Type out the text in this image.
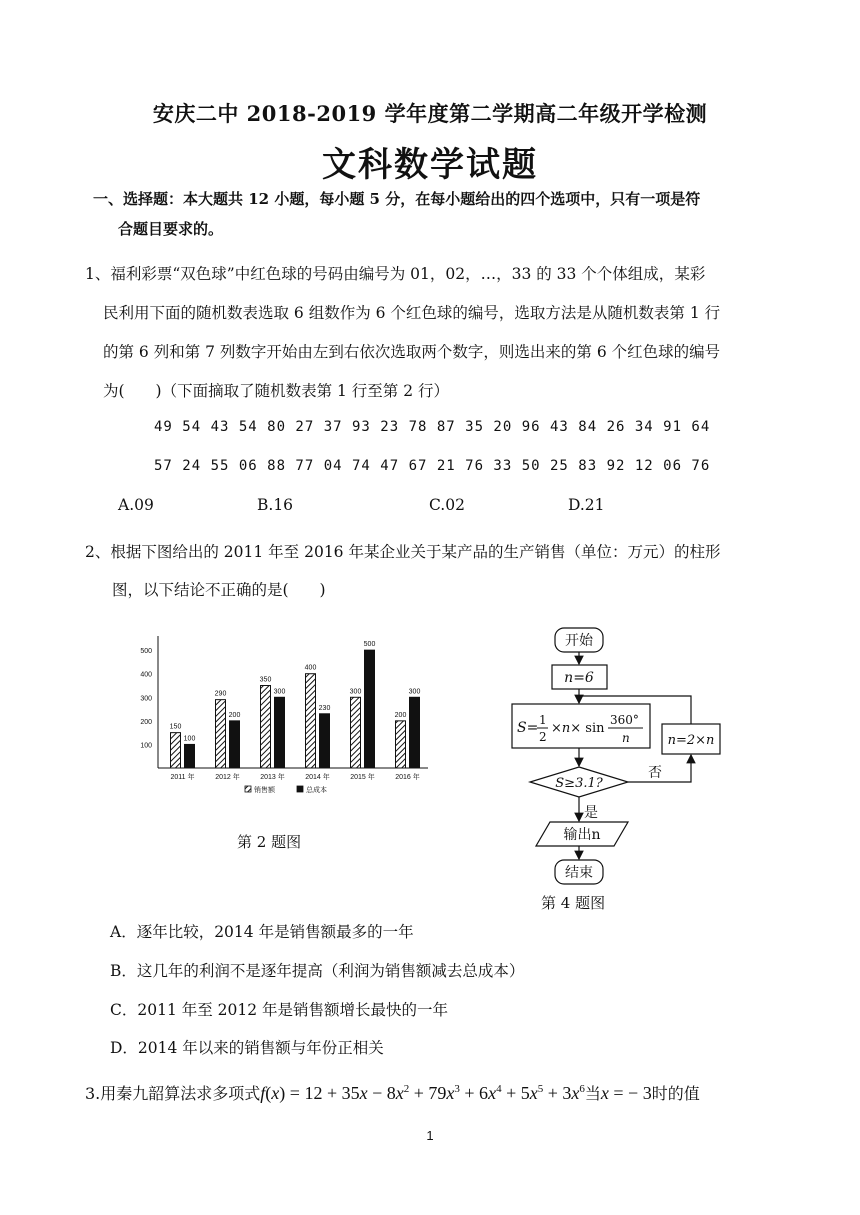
安庆二中 2018-2019 学年度第二学期高二年级开学检测
文科数学试题
一、选择题：本大题共 12 小题，每小题 5 分，在每小题给出的四个选项中，只有一项是符
合题目要求的。
1、福利彩票“双色球”中红色球的号码由编号为 01，02，…，33 的 33 个个体组成，某彩
民利用下面的随机数表选取 6 组数作为 6 个红色球的编号，选取方法是从随机数表第 1 行
的第 6 列和第 7 列数字开始由左到右依次选取两个数字，则选出来的第 6 个红色球的编号
为(　　)（下面摘取了随机数表第 1 行至第 2 行）
49 54 43 54 80 27 37 93 23 78 87 35 20 96 43 84 26 34 91 64
57 24 55 06 88 77 04 74 47 67 21 76 33 50 25 83 92 12 06 76
A.09	B.16	C.02	D.21
2、根据下图给出的 2011 年至 2016 年某企业关于某产品的生产销售（单位：万元）的柱形
图，以下结论不正确的是(　　)
100
200
300
400
500
150
100
2011 年
290
200
2012 年
350
300
2013 年
400
230
2014 年
300
500
2015 年
200
300
2016 年
销售额	总成本
第 2 题图
开始
n=6
S= 1
2
×n× sin
360°
n	n=2×n
S≥3.1?
否
是
输出n
结束
第 4 题图
A．逐年比较，2014 年是销售额最多的一年
B．这几年的利润不是逐年提高（利润为销售额减去总成本）
C．2011 年至 2012 年是销售额增长最快的一年
D．2014 年以来的销售额与年份正相关
3.用秦九韶算法求多项式$f(x) = 12 + 35x - 8x^2 + 79x^3 + 6x^4 + 5x^5 + 3x^6$当x = − 3时的值
1
